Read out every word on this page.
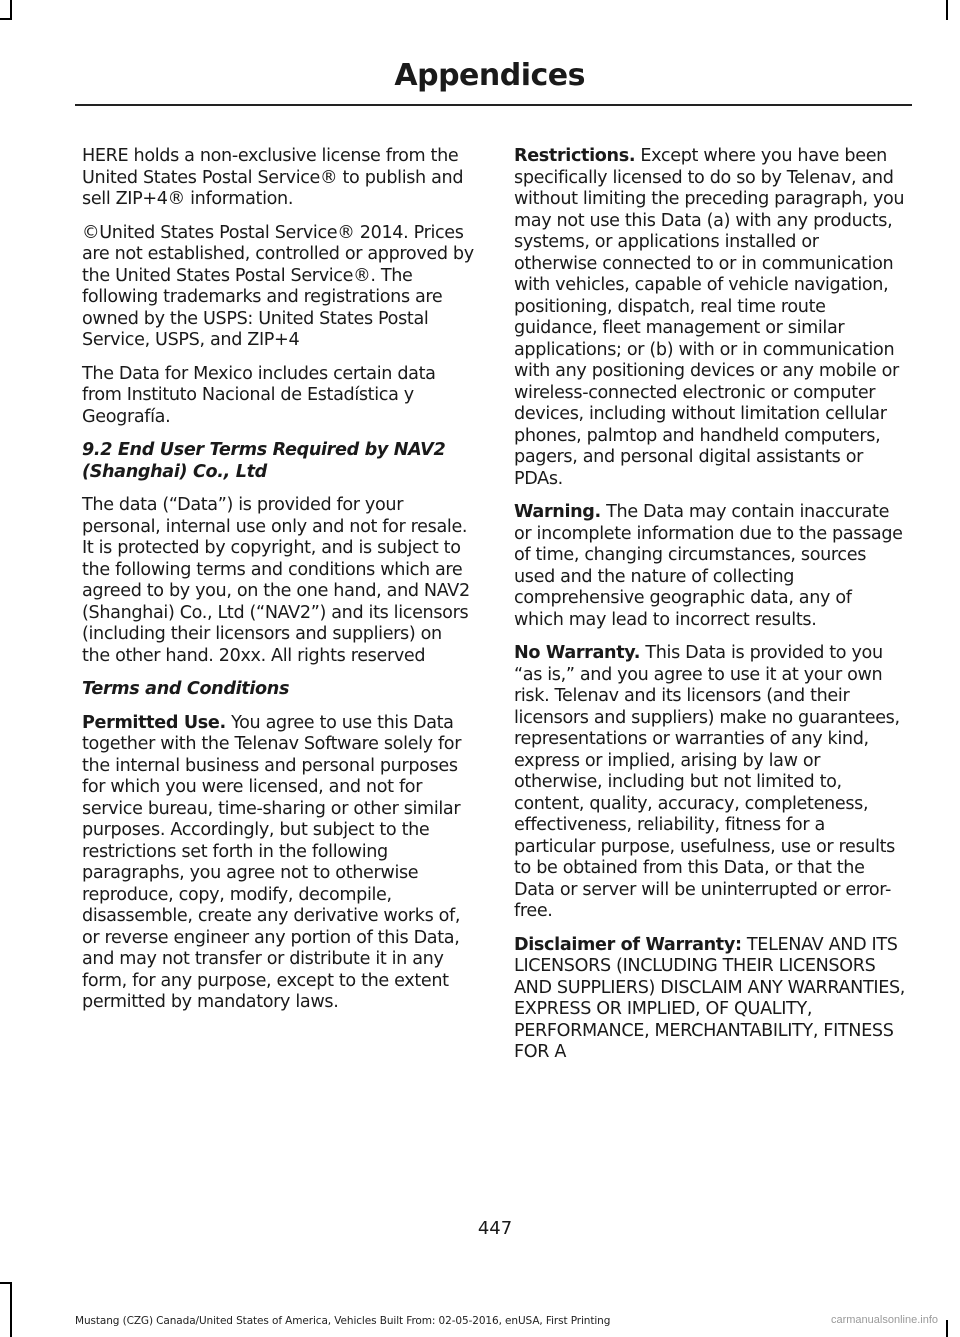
Appendices

HERE holds a non-exclusive license from the United States Postal Service® to publish and sell ZIP+4® information.

©United States Postal Service® 2014. Prices are not established, controlled or approved by the United States Postal Service®. The following trademarks and registrations are owned by the USPS: United States Postal Service, USPS, and ZIP+4

The Data for Mexico includes certain data from Instituto Nacional de Estadística y Geografía.

9.2 End User Terms Required by NAV2 (Shanghai) Co., Ltd

The data (“Data”) is provided for your personal, internal use only and not for resale. It is protected by copyright, and is subject to the following terms and conditions which are agreed to by you, on the one hand, and NAV2 (Shanghai) Co., Ltd (“NAV2”) and its licensors (including their licensors and suppliers) on the other hand. 20xx. All rights reserved

Terms and Conditions

Permitted Use. You agree to use this Data together with the Telenav Software solely for the internal business and personal purposes for which you were licensed, and not for service bureau, time-sharing or other similar purposes. Accordingly, but subject to the restrictions set forth in the following paragraphs, you agree not to otherwise reproduce, copy, modify, decompile, disassemble, create any derivative works of, or reverse engineer any portion of this Data, and may not transfer or distribute it in any form, for any purpose, except to the extent permitted by mandatory laws.

Restrictions. Except where you have been specifically licensed to do so by Telenav, and without limiting the preceding paragraph, you may not use this Data (a) with any products, systems, or applications installed or otherwise connected to or in communication with vehicles, capable of vehicle navigation, positioning, dispatch, real time route guidance, fleet management or similar applications; or (b) with or in communication with any positioning devices or any mobile or wireless-connected electronic or computer devices, including without limitation cellular phones, palmtop and handheld computers, pagers, and personal digital assistants or PDAs.

Warning. The Data may contain inaccurate or incomplete information due to the passage of time, changing circumstances, sources used and the nature of collecting comprehensive geographic data, any of which may lead to incorrect results.

No Warranty. This Data is provided to you “as is,” and you agree to use it at your own risk. Telenav and its licensors (and their licensors and suppliers) make no guarantees, representations or warranties of any kind, express or implied, arising by law or otherwise, including but not limited to, content, quality, accuracy, completeness, effectiveness, reliability, fitness for a particular purpose, usefulness, use or results to be obtained from this Data, or that the Data or server will be uninterrupted or error-free.

Disclaimer of Warranty: TELENAV AND ITS LICENSORS (INCLUDING THEIR LICENSORS AND SUPPLIERS) DISCLAIM ANY WARRANTIES, EXPRESS OR IMPLIED, OF QUALITY, PERFORMANCE, MERCHANTABILITY, FITNESS FOR A

447
Mustang (CZG) Canada/United States of America, Vehicles Built From: 02-05-2016, enUSA, First Printing	carmanualsonline.info
